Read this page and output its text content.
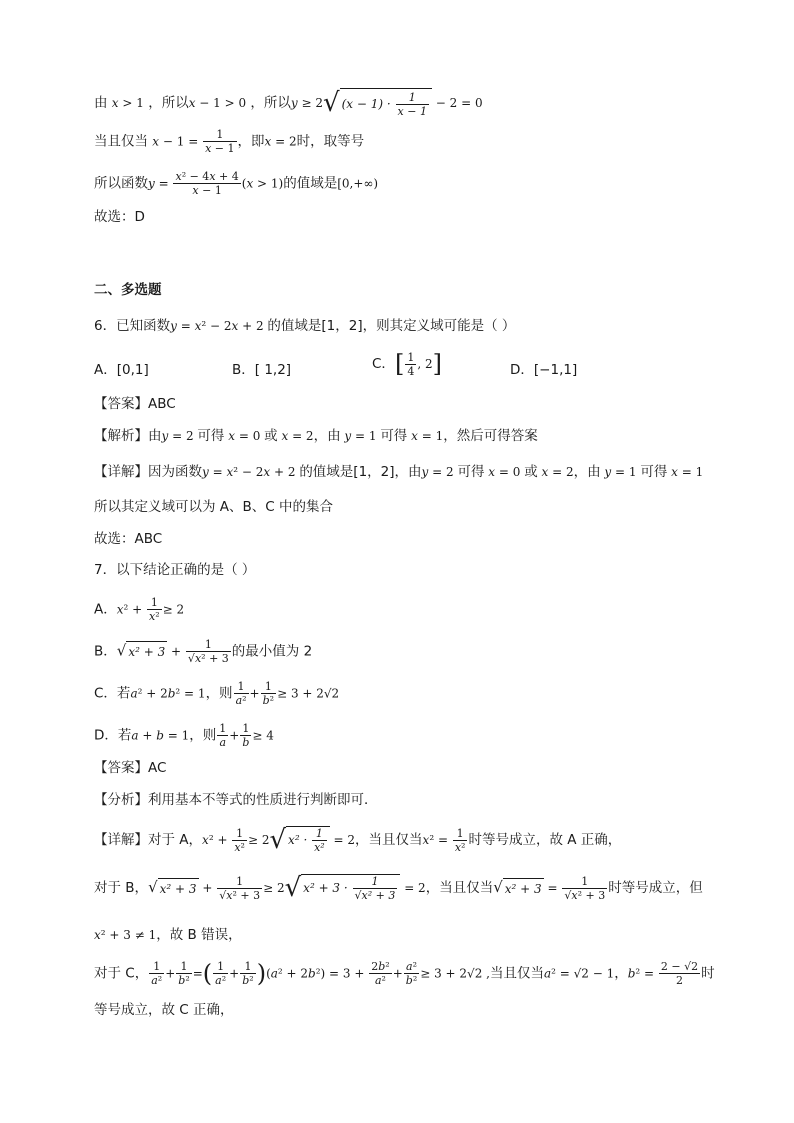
由 x > 1 ，所以x − 1 > 0 ，所以y ≥ 2√ $(x - 1) \cdot \frac{1}{x - 1} - 2 = 0$
当且仅当 $x - 1 = \frac{1}{x - 1}$ ，即x = 2时，取等号
所以函数$y = \frac{\text{x² − 4x + 4}}{x - 1} (x > 1)$的值域是[0,+∞)
故选：D
二、多选题
6．已知函数y = x² − 2x + 2 的值域是[1，2]，则其定义域可能是（ ）
A．[0,1]	B．[ 1,2]	C．[ $\frac{1}{4}$ , 2]	D．[−1,1]
【答案】ABC
【解析】由y = 2 可得 x = 0 或 x = 2，由 y = 1 可得 x = 1，然后可得答案
【详解】因为函数y = x² − 2x + 2 的值域是[1，2]，由y = 2 可得 x = 0 或 x = 2，由 y = 1 可得 x = 1
所以其定义域可以为 A、B、C 中的集合
故选：ABC
7．以下结论正确的是（ ）
A．$x^2 + \frac{1}{\text{x²}} \ge 2$
B．√ $x^2 + 3 + \frac{1}{\text{√x² + 3}}$ 的最小值为 2
C．若a² + 2b² = 1，则 $\frac{1}{\text{a²}} + \frac{1}{\text{b²}} \ge 3 + 2√2$
D．若a + b = 1，则 $\frac{1}{a} + \frac{1}{b} \ge 4$
【答案】AC
【分析】利用基本不等式的性质进行判断即可．
【详解】对于 A，$x^2 + \frac{1}{\text{x²}} \ge 2√$ $x^2 \cdot \frac{1}{\text{x²}} = 2$，当且仅当$x^2 = \frac{1}{\text{x²}}$ 时等号成立，故 A 正确，
对于 B，√ $x^2 + 3 + \frac{1}{\text{√x² + 3}} \ge 2√$ $x^2 + 3 \cdot \frac{1}{\text{√x² + 3}} = 2$，当且仅当√ $x^2 + 3 = \frac{1}{\text{√x² + 3}}$ 时等号成立，但
x² + 3 ≠ 1，故 B 错误，
对于 C， $\frac{1}{\text{a²}} + \frac{1}{\text{b²}}$ =( $\frac{1}{\text{a²}} + \frac{1}{\text{b²}} )(a^2 + 2b^2) = 3 + \frac{\text{2b²}}{\text{a²}} + \frac{\text{a²}}{\text{b²}} \ge 3 + 2√2$ ,当且仅当a² = √2 − 1，$b^2 = \frac{2 - √2}{2}$ 时
等号成立，故 C 正确，
